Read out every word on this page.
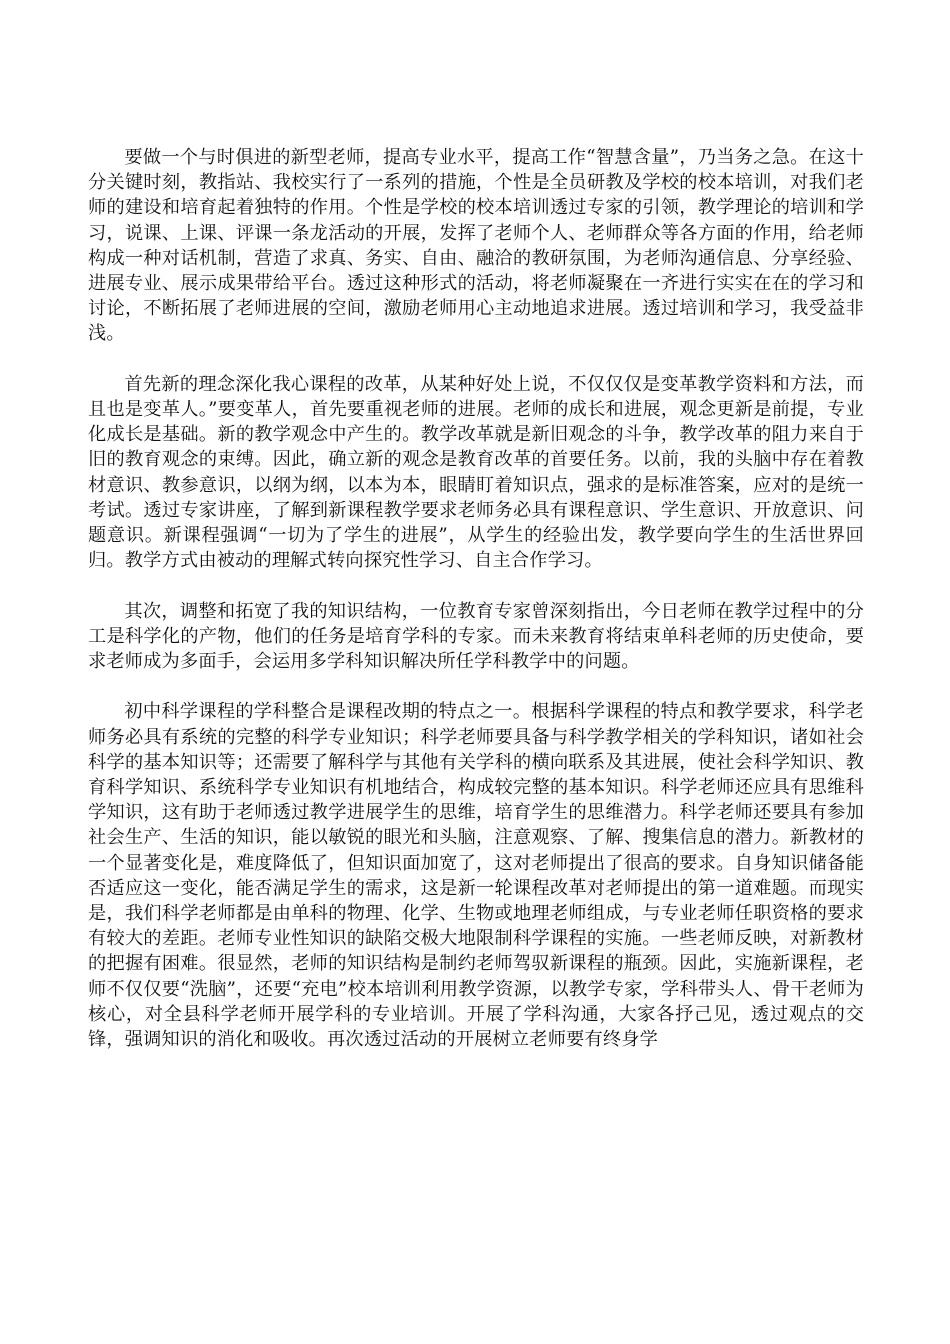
要做一个与时俱进的新型老师，提高专业水平，提高工作“智慧含量”，乃当务之急。在这十分关键时刻，教指站、我校实行了一系列的措施，个性是全员研教及学校的校本培训，对我们老师的建设和培育起着独特的作用。个性是学校的校本培训透过专家的引领，教学理论的培训和学习，说课、上课、评课一条龙活动的开展，发挥了老师个人、老师群众等各方面的作用，给老师构成一种对话机制，营造了求真、务实、自由、融洽的教研氛围，为老师沟通信息、分享经验、进展专业、展示成果带给平台。透过这种形式的活动，将老师凝聚在一齐进行实实在在的学习和讨论，不断拓展了老师进展的空间，激励老师用心主动地追求进展。透过培训和学习，我受益非浅。

首先新的理念深化我心课程的改革，从某种好处上说，不仅仅仅是变革教学资料和方法，而且也是变革人。”要变革人，首先要重视老师的进展。老师的成长和进展，观念更新是前提，专业化成长是基础。新的教学观念中产生的。教学改革就是新旧观念的斗争，教学改革的阻力来自于旧的教育观念的束缚。因此，确立新的观念是教育改革的首要任务。以前，我的头脑中存在着教材意识、教参意识，以纲为纲，以本为本，眼睛盯着知识点，强求的是标准答案，应对的是统一考试。透过专家讲座，了解到新课程教学要求老师务必具有课程意识、学生意识、开放意识、问题意识。新课程强调“一切为了学生的进展”，从学生的经验出发，教学要向学生的生活世界回归。教学方式由被动的理解式转向探究性学习、自主合作学习。

其次，调整和拓宽了我的知识结构，一位教育专家曾深刻指出，今日老师在教学过程中的分工是科学化的产物，他们的任务是培育学科的专家。而未来教育将结束单科老师的历史使命，要求老师成为多面手，会运用多学科知识解决所任学科教学中的问题。

初中科学课程的学科整合是课程改期的特点之一。根据科学课程的特点和教学要求，科学老师务必具有系统的完整的科学专业知识；科学老师要具备与科学教学相关的学科知识，诸如社会科学的基本知识等；还需要了解科学与其他有关学科的横向联系及其进展，使社会科学知识、教育科学知识、系统科学专业知识有机地结合，构成较完整的基本知识。科学老师还应具有思维科学知识，这有助于老师透过教学进展学生的思维，培育学生的思维潜力。科学老师还要具有参加社会生产、生活的知识，能以敏锐的眼光和头脑，注意观察、了解、搜集信息的潜力。新教材的一个显著变化是，难度降低了，但知识面加宽了，这对老师提出了很高的要求。自身知识储备能否适应这一变化，能否满足学生的需求，这是新一轮课程改革对老师提出的第一道难题。而现实是，我们科学老师都是由单科的物理、化学、生物或地理老师组成，与专业老师任职资格的要求有较大的差距。老师专业性知识的缺陷交极大地限制科学课程的实施。一些老师反映，对新教材的把握有困难。很显然，老师的知识结构是制约老师驾驭新课程的瓶颈。因此，实施新课程，老师不仅仅要“洗脑”，还要“充电”校本培训利用教学资源，以教学专家，学科带头人、骨干老师为核心，对全县科学老师开展学科的专业培训。开展了学科沟通，大家各抒己见，透过观点的交锋，强调知识的消化和吸收。再次透过活动的开展树立老师要有终身学
